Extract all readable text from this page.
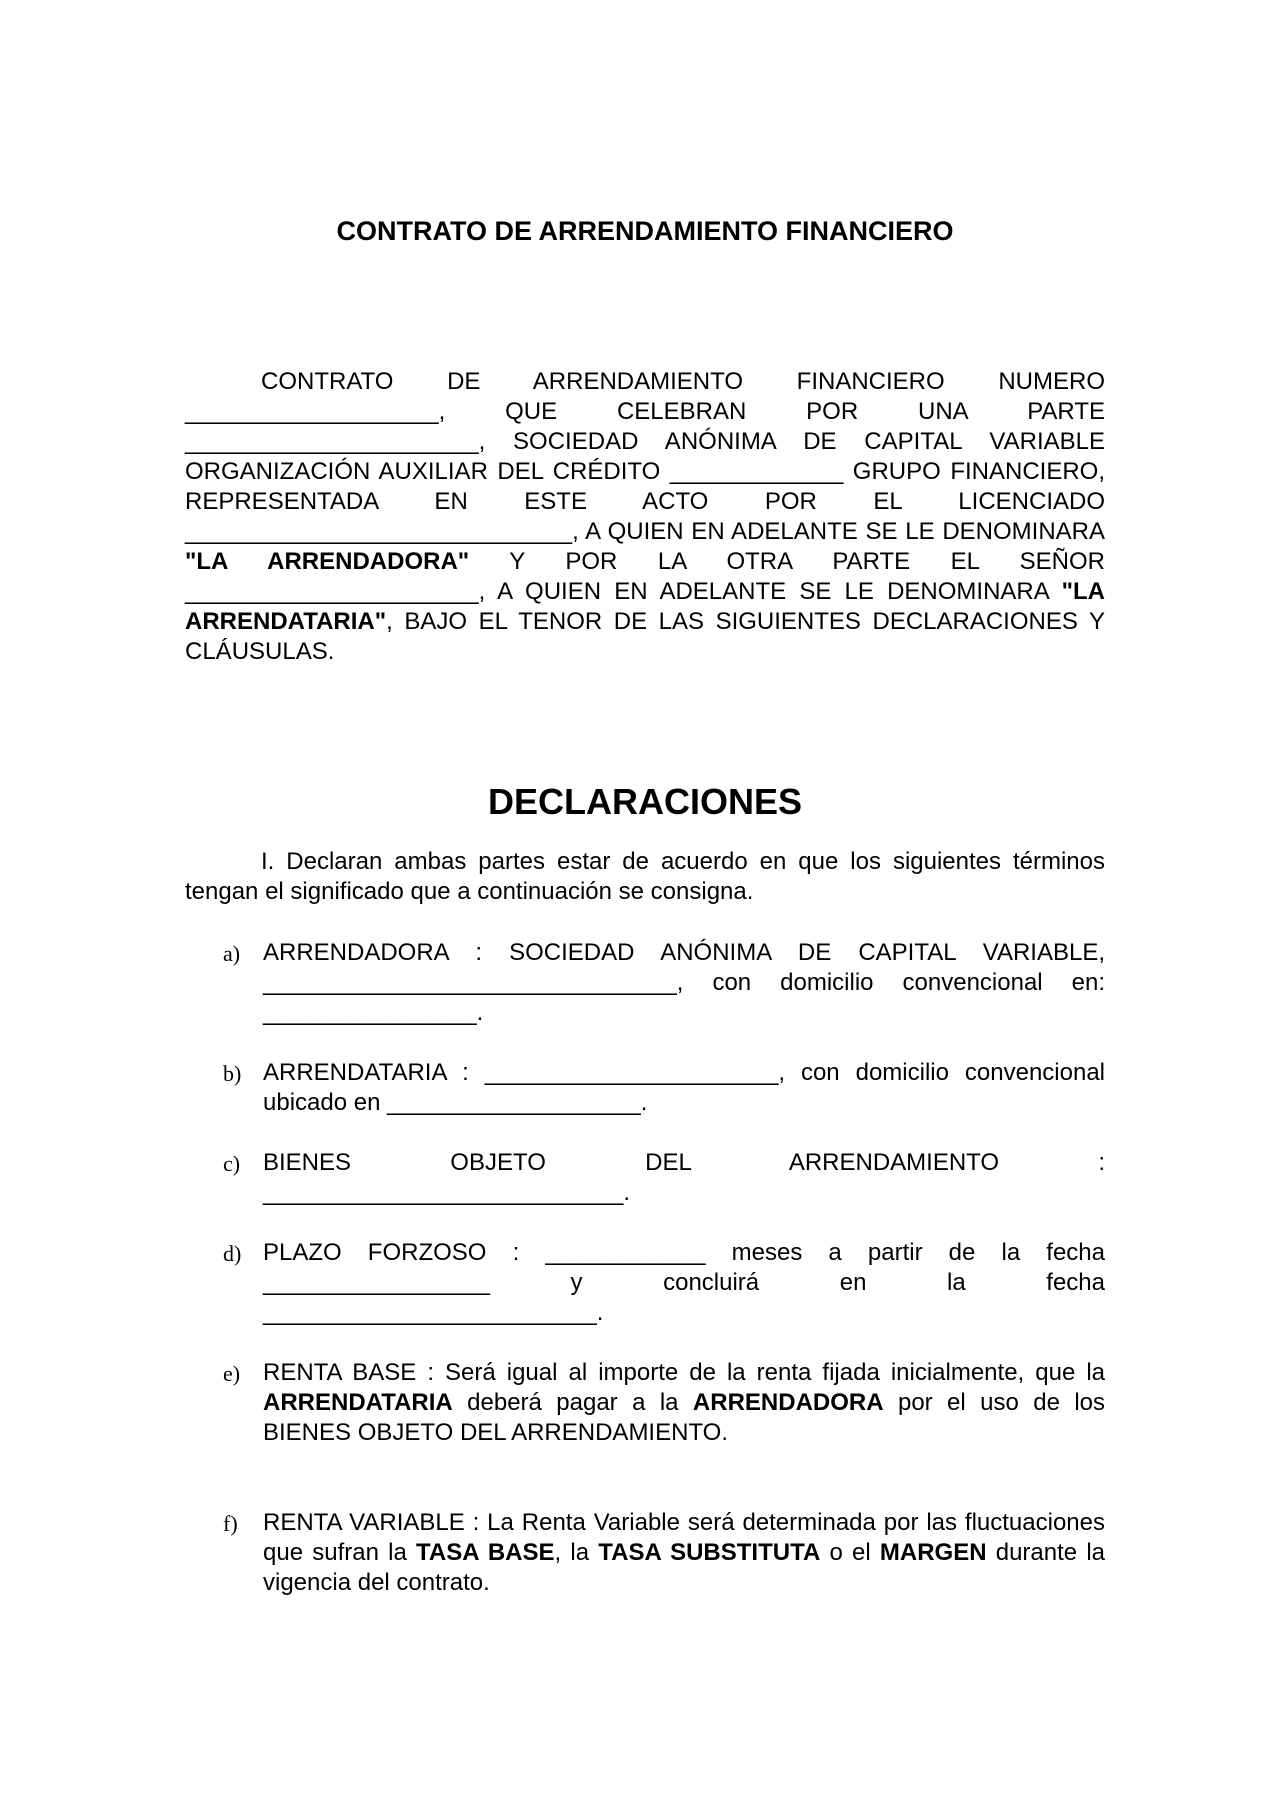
CONTRATO DE ARRENDAMIENTO FINANCIERO

CONTRATO DE ARRENDAMIENTO FINANCIERO NUMERO ___________________, QUE CELEBRAN POR UNA PARTE ______________________, SOCIEDAD ANÓNIMA DE CAPITAL VARIABLE ORGANIZACIÓN AUXILIAR DEL CRÉDITO _____________ GRUPO FINANCIERO, REPRESENTADA EN ESTE ACTO POR EL LICENCIADO _____________________________, A QUIEN EN ADELANTE SE LE DENOMINARA "LA ARRENDADORA" Y POR LA OTRA PARTE EL SEÑOR ______________________, A QUIEN EN ADELANTE SE LE DENOMINARA "LA ARRENDATARIA", BAJO EL TENOR DE LAS SIGUIENTES DECLARACIONES Y CLÁUSULAS.

DECLARACIONES

I. Declaran ambas partes estar de acuerdo en que los siguientes términos tengan el significado que a continuación se consigna.

a) ARRENDADORA : SOCIEDAD ANÓNIMA DE CAPITAL VARIABLE, _______________________________, con domicilio convencional en: ________________.

b) ARRENDATARIA : ______________________, con domicilio convencional ubicado en ___________________.

c) BIENES OBJETO DEL ARRENDAMIENTO :
___________________________.
d) PLAZO FORZOSO : ____________ meses a partir de la fecha
_________________ y concluirá en la fecha
_________________________.
e) RENTA BASE : Será igual al importe de la renta fijada inicialmente, que la ARRENDATARIA deberá pagar a la ARRENDADORA por el uso de los BIENES OBJETO DEL ARRENDAMIENTO.

f) RENTA VARIABLE : La Renta Variable será determinada por las fluctuaciones que sufran la TASA BASE, la TASA SUBSTITUTA o el MARGEN durante la vigencia del contrato.
